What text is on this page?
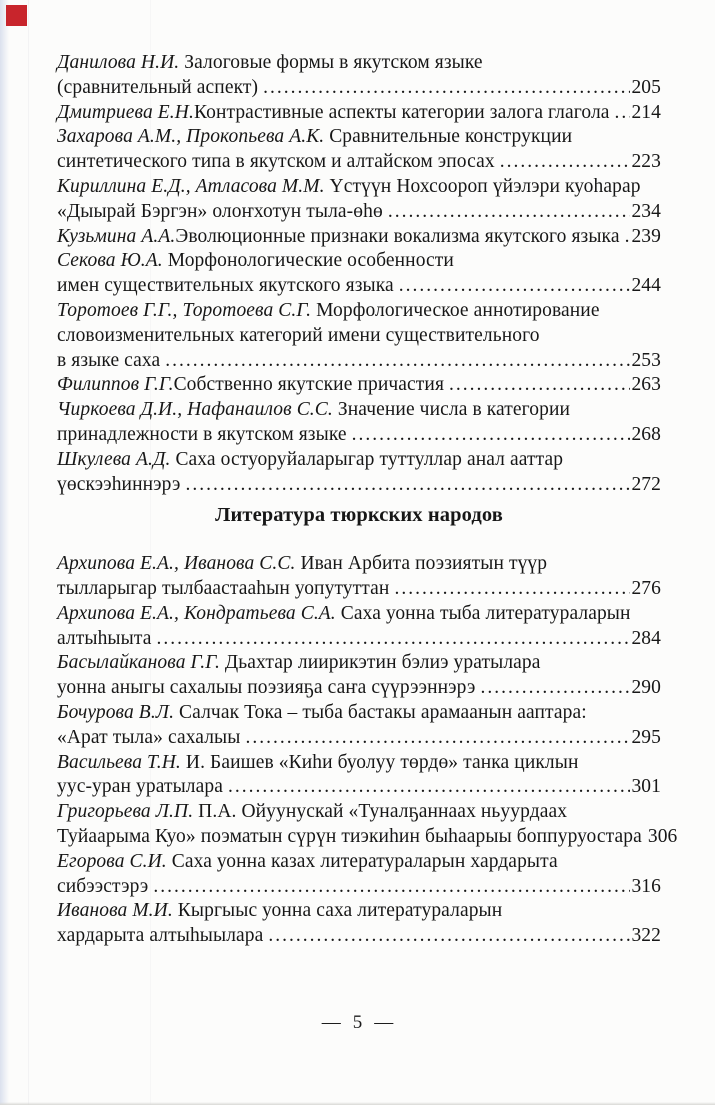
Данилова Н.И. Залоговые формы в якутском языке
(сравнительный аспект) .....	205
Дмитриева Е.Н. Контрастивные аспекты категории залога глагола ..... 214
Захарова А.М., Прокопьева А.К. Сравнительные конструкции
синтетического типа в якутском и алтайском эпосах .....	223
Кириллина Е.Д., Атласова М.М. Үстүүн Нохсоороп үйэлэри куоһарар
«Дыырай Бэргэн» олоҥхотун тыла-өһө .....	234
Кузьмина А.А. Эволюционные признаки вокализма якутского языка ..... 239
Секова Ю.А. Морфонологические особенности
имен существительных якутского языка .....	244
Торотоев Г.Г., Торотоева С.Г. Морфологическое аннотирование
словоизменительных категорий имени существительного
в языке саха .....	253
Филиппов Г.Г. Собственно якутские причастия .....	263
Чиркоева Д.И., Нафанаилов С.С. Значение числа в категории
принадлежности в якутском языке .....	268
Шкулева А.Д. Саха остуоруйаларыгар туттуллар анал ааттар
үөскээһиннэрэ .....	272
Литература тюркских народов
Архипова Е.А., Иванова С.С. Иван Арбита поэзиятын түүр
тылларыгар тылбаастааһын уопутуттан .....	276
Архипова Е.А., Кондратьева С.А. Саха уонна тыба литератураларын
алтыһыыта .....	284
Басылайканова Г.Г. Дьахтар лиирикэтин бэлиэ уратылара
уонна аныгы сахалыы поэзияҕа саҥа сүүрээннэрэ .....	290
Бочурова В.Л. Салчак Тока – тыба бастакы арамаанын ааптара:
«Арат тыла» сахалыы .....	295
Васильева Т.Н. И. Баишев «Киһи буолуу төрдө» танка циклын
уус-уран уратылара .....	301
Григорьева Л.П. П.А. Ойуунускай «Туналҕаннаах ньуурдаах
Туйаарыма Куо» поэматын сүрүн тиэкиһин быһаарыы боппуруостара 306
Егорова С.И. Саха уонна казах литератураларын хардарыта
сибээстэрэ .....	316
Иванова М.И. Кыргыыс уонна саха литератураларын
хардарыта алтыһыылара .....	322
— 5 —
